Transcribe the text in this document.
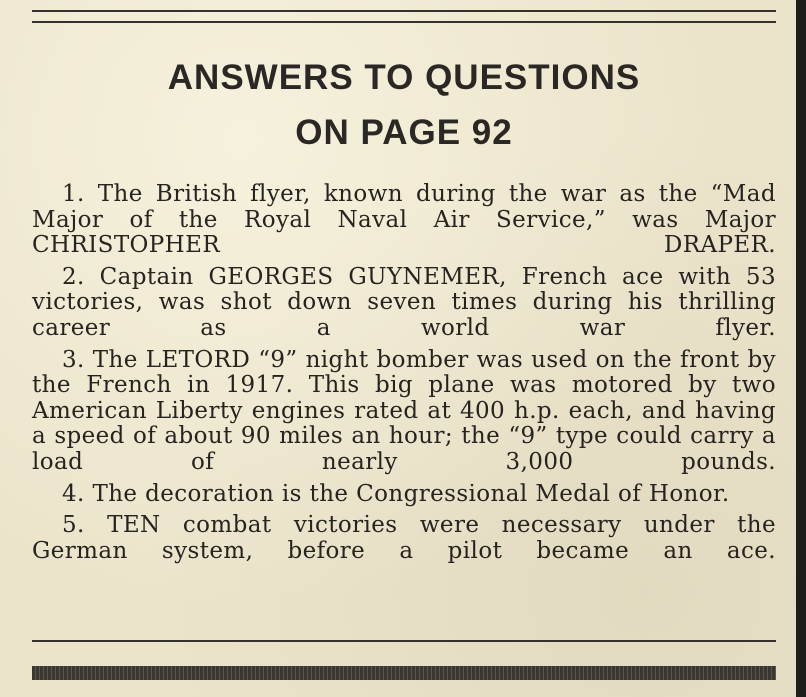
ANSWERS TO QUESTIONS
ON PAGE 92
1. The British flyer, known during the war as the “Mad Major of the Royal Naval Air Service,” was Major CHRISTOPHER DRAPER.
2. Captain GEORGES GUYNEMER, French ace with 53 victories, was shot down seven times during his thrilling career as a world war flyer.
3. The LETORD “9” night bomber was used on the front by the French in 1917. This big plane was motored by two American Liberty engines rated at 400 h.p. each, and having a speed of about 90 miles an hour; the “9” type could carry a load of nearly 3,000 pounds.
4. The decoration is the Congressional Medal of Honor.
5. TEN combat victories were necessary under the German system, before a pilot became an ace.
